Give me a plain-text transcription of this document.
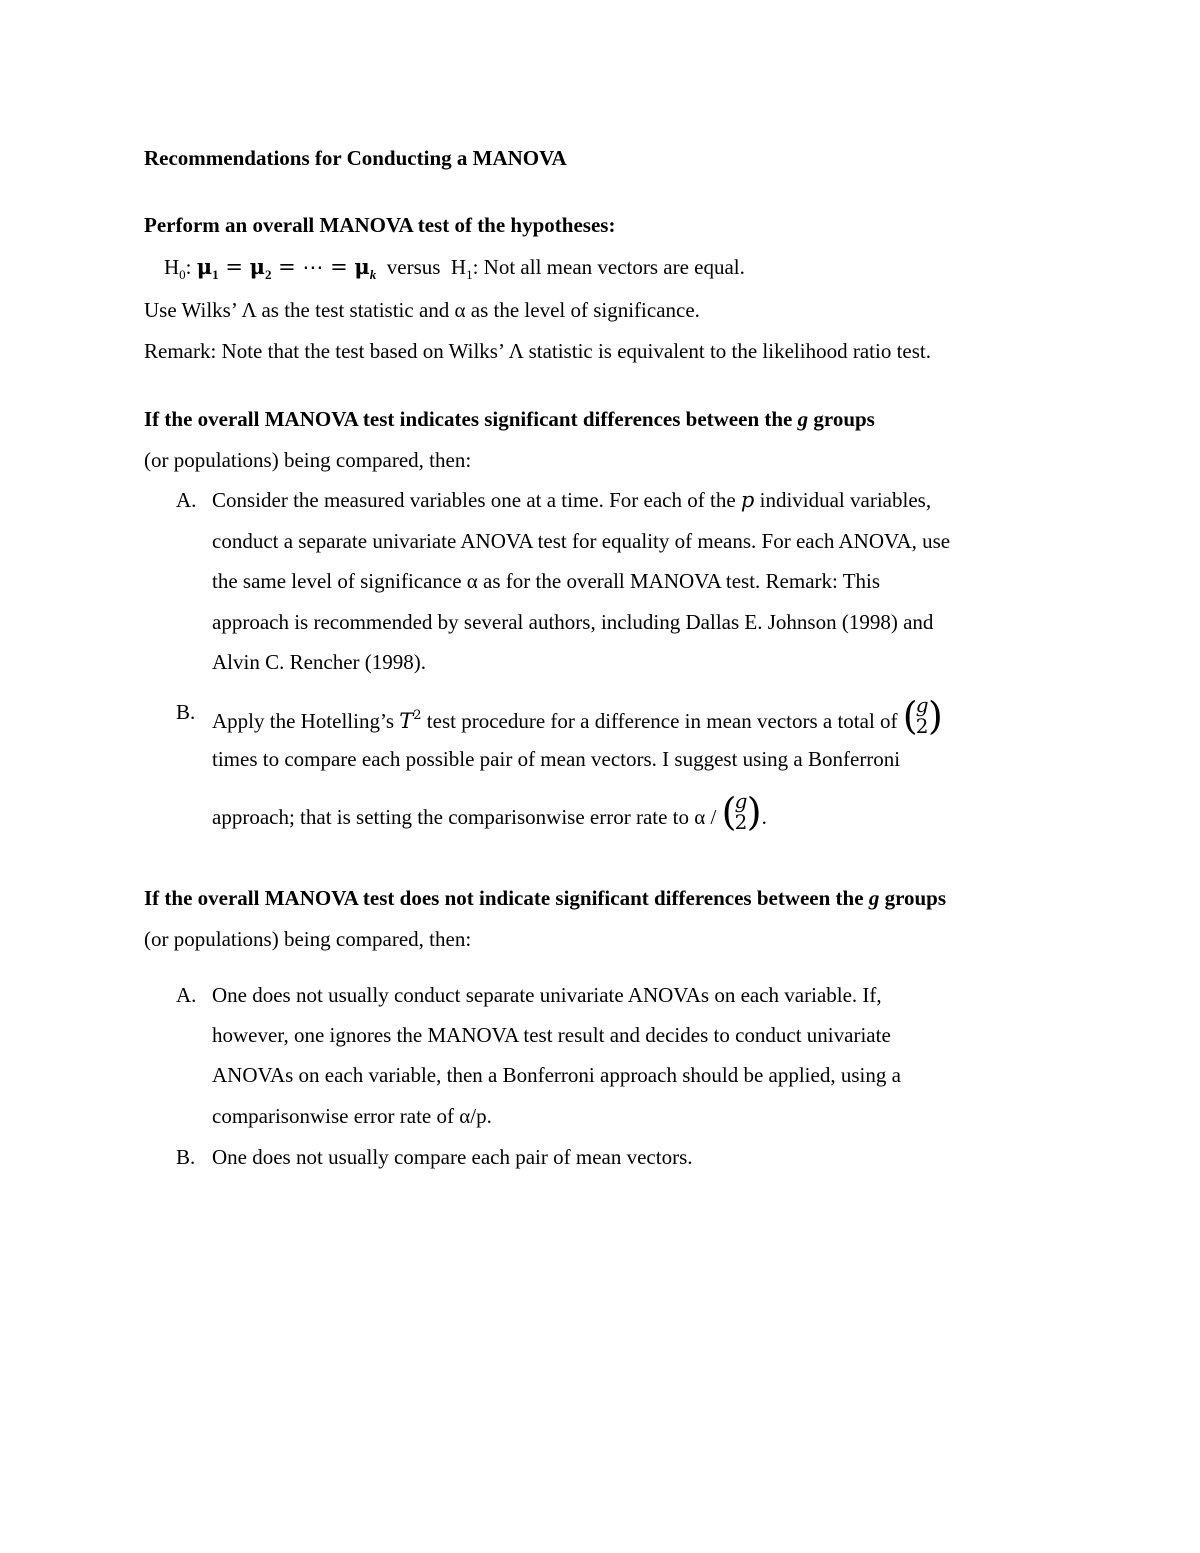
Recommendations for Conducting a MANOVA
Perform an overall MANOVA test of the hypotheses:
$H_0$: $\mu_1 = \mu_2$ = ⋯ = $\mu_k$ versus $H_1$: Not all mean vectors are equal.
Use Wilks’ Λ as the test statistic and α as the level of significance.
Remark: Note that the test based on Wilks’ Λ statistic is equivalent to the likelihood ratio test.
If the overall MANOVA test indicates significant differences between the g groups
(or populations) being compared, then:
A. Consider the measured variables one at a time. For each of the p individual variables,
conduct a separate univariate ANOVA test for equality of means. For each ANOVA, use
the same level of significance α as for the overall MANOVA test. Remark: This
approach is recommended by several authors, including Dallas E. Johnson (1998) and
Alvin C. Rencher (1998).
B. Apply the Hotelling’s $T^2$ test procedure for a difference in mean vectors a total of (
g
2 )
times to compare each possible pair of mean vectors. I suggest using a Bonferroni
approach; that is setting the comparisonwise error rate to α / (
g
2 ) .
If the overall MANOVA test does not indicate significant differences between the g groups
(or populations) being compared, then:
A. One does not usually conduct separate univariate ANOVAs on each variable. If,
however, one ignores the MANOVA test result and decides to conduct univariate
ANOVAs on each variable, then a Bonferroni approach should be applied, using a
comparisonwise error rate of α/p.
B. One does not usually compare each pair of mean vectors.
